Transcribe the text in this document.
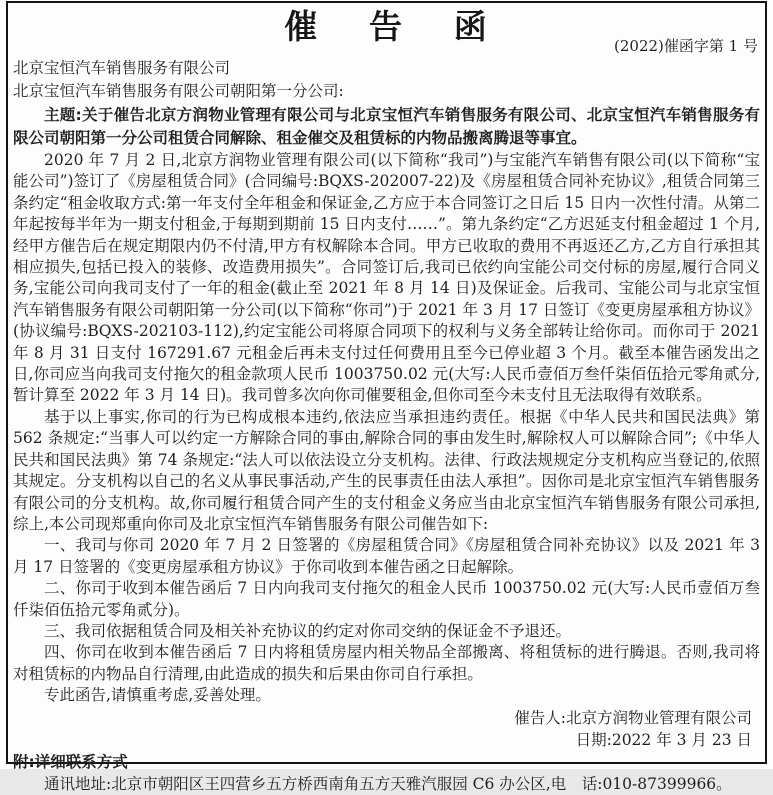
催 告 函	(2022)催函字第 1 号
北京宝恒汽车销售服务有限公司
北京宝恒汽车销售服务有限公司朝阳第一分公司:

主题:关于催告北京方润物业管理有限公司与北京宝恒汽车销售服务有限公司、北京宝恒汽车销售服务有限公司朝阳第一分公司租赁合同解除、租金催交及租赁标的内物品搬离腾退等事宜。

2020 年 7 月 2 日,北京方润物业管理有限公司(以下简称“我司”)与宝能汽车销售有限公司(以下简称“宝能公司”)签订了《房屋租赁合同》(合同编号:BQXS-202007-22)及《房屋租赁合同补充协议》,租赁合同第三条约定“租金收取方式:第一年支付全年租金和保证金,乙方应于本合同签订之日后 15 日内一次性付清。从第二年起按每半年为一期支付租金,于每期到期前 15 日内支付……”。第九条约定“乙方迟延支付租金超过 1 个月,经甲方催告后在规定期限内仍不付清,甲方有权解除本合同。甲方已收取的费用不再返还乙方,乙方自行承担其相应损失,包括已投入的装修、改造费用损失”。合同签订后,我司已依约向宝能公司交付标的房屋,履行合同义务,宝能公司向我司支付了一年的租金(截止至 2021 年 8 月 14 日)及保证金。后我司、宝能公司与北京宝恒汽车销售服务有限公司朝阳第一分公司(以下简称“你司”)于 2021 年 3 月 17 日签订《变更房屋承租方协议》(协议编号:BQXS-202103-112),约定宝能公司将原合同项下的权利与义务全部转让给你司。而你司于 2021 年 8 月 31 日支付 167291.67 元租金后再未支付过任何费用且至今已停业超 3 个月。截至本催告函发出之日,你司应当向我司支付拖欠的租金款项人民币 1003750.02 元(大写:人民币壹佰万叁仟柒佰伍拾元零角贰分,暂计算至 2022 年 3 月 14 日)。我司曾多次向你司催要租金,但你司至今未支付且无法取得有效联系。

基于以上事实,你司的行为已构成根本违约,依法应当承担违约责任。根据《中华人民共和国民法典》第 562 条规定:“当事人可以约定一方解除合同的事由,解除合同的事由发生时,解除权人可以解除合同”;《中华人民共和国民法典》第 74 条规定:“法人可以依法设立分支机构。法律、行政法规规定分支机构应当登记的,依照其规定。分支机构以自己的名义从事民事活动,产生的民事责任由法人承担”。因你司是北京宝恒汽车销售服务有限公司的分支机构。故,你司履行租赁合同产生的支付租金义务应当由北京宝恒汽车销售服务有限公司承担,综上,本公司现郑重向你司及北京宝恒汽车销售服务有限公司催告如下:

一、我司与你司 2020 年 7 月 2 日签署的《房屋租赁合同》《房屋租赁合同补充协议》以及 2021 年 3 月 17 日签署的《变更房屋承租方协议》于你司收到本催告函之日起解除。

二、你司于收到本催告函后 7 日内向我司支付拖欠的租金人民币 1003750.02 元(大写:人民币壹佰万叁仟柒佰伍拾元零角贰分)。

三、我司依据租赁合同及相关补充协议的约定对你司交纳的保证金不予退还。

四、你司在收到本催告函后 7 日内将租赁房屋内相关物品全部搬离、将租赁标的进行腾退。否则,我司将对租赁标的内物品自行清理,由此造成的损失和后果由你司自行承担。

专此函告,请慎重考虑,妥善处理。

催告人:北京方润物业管理有限公司
日期:2022 年 3 月 23 日
附:详细联系方式

通讯地址:北京市朝阳区王四营乡五方桥西南角五方天雅汽服园 C6 办公区,电　话:010-87399966。
